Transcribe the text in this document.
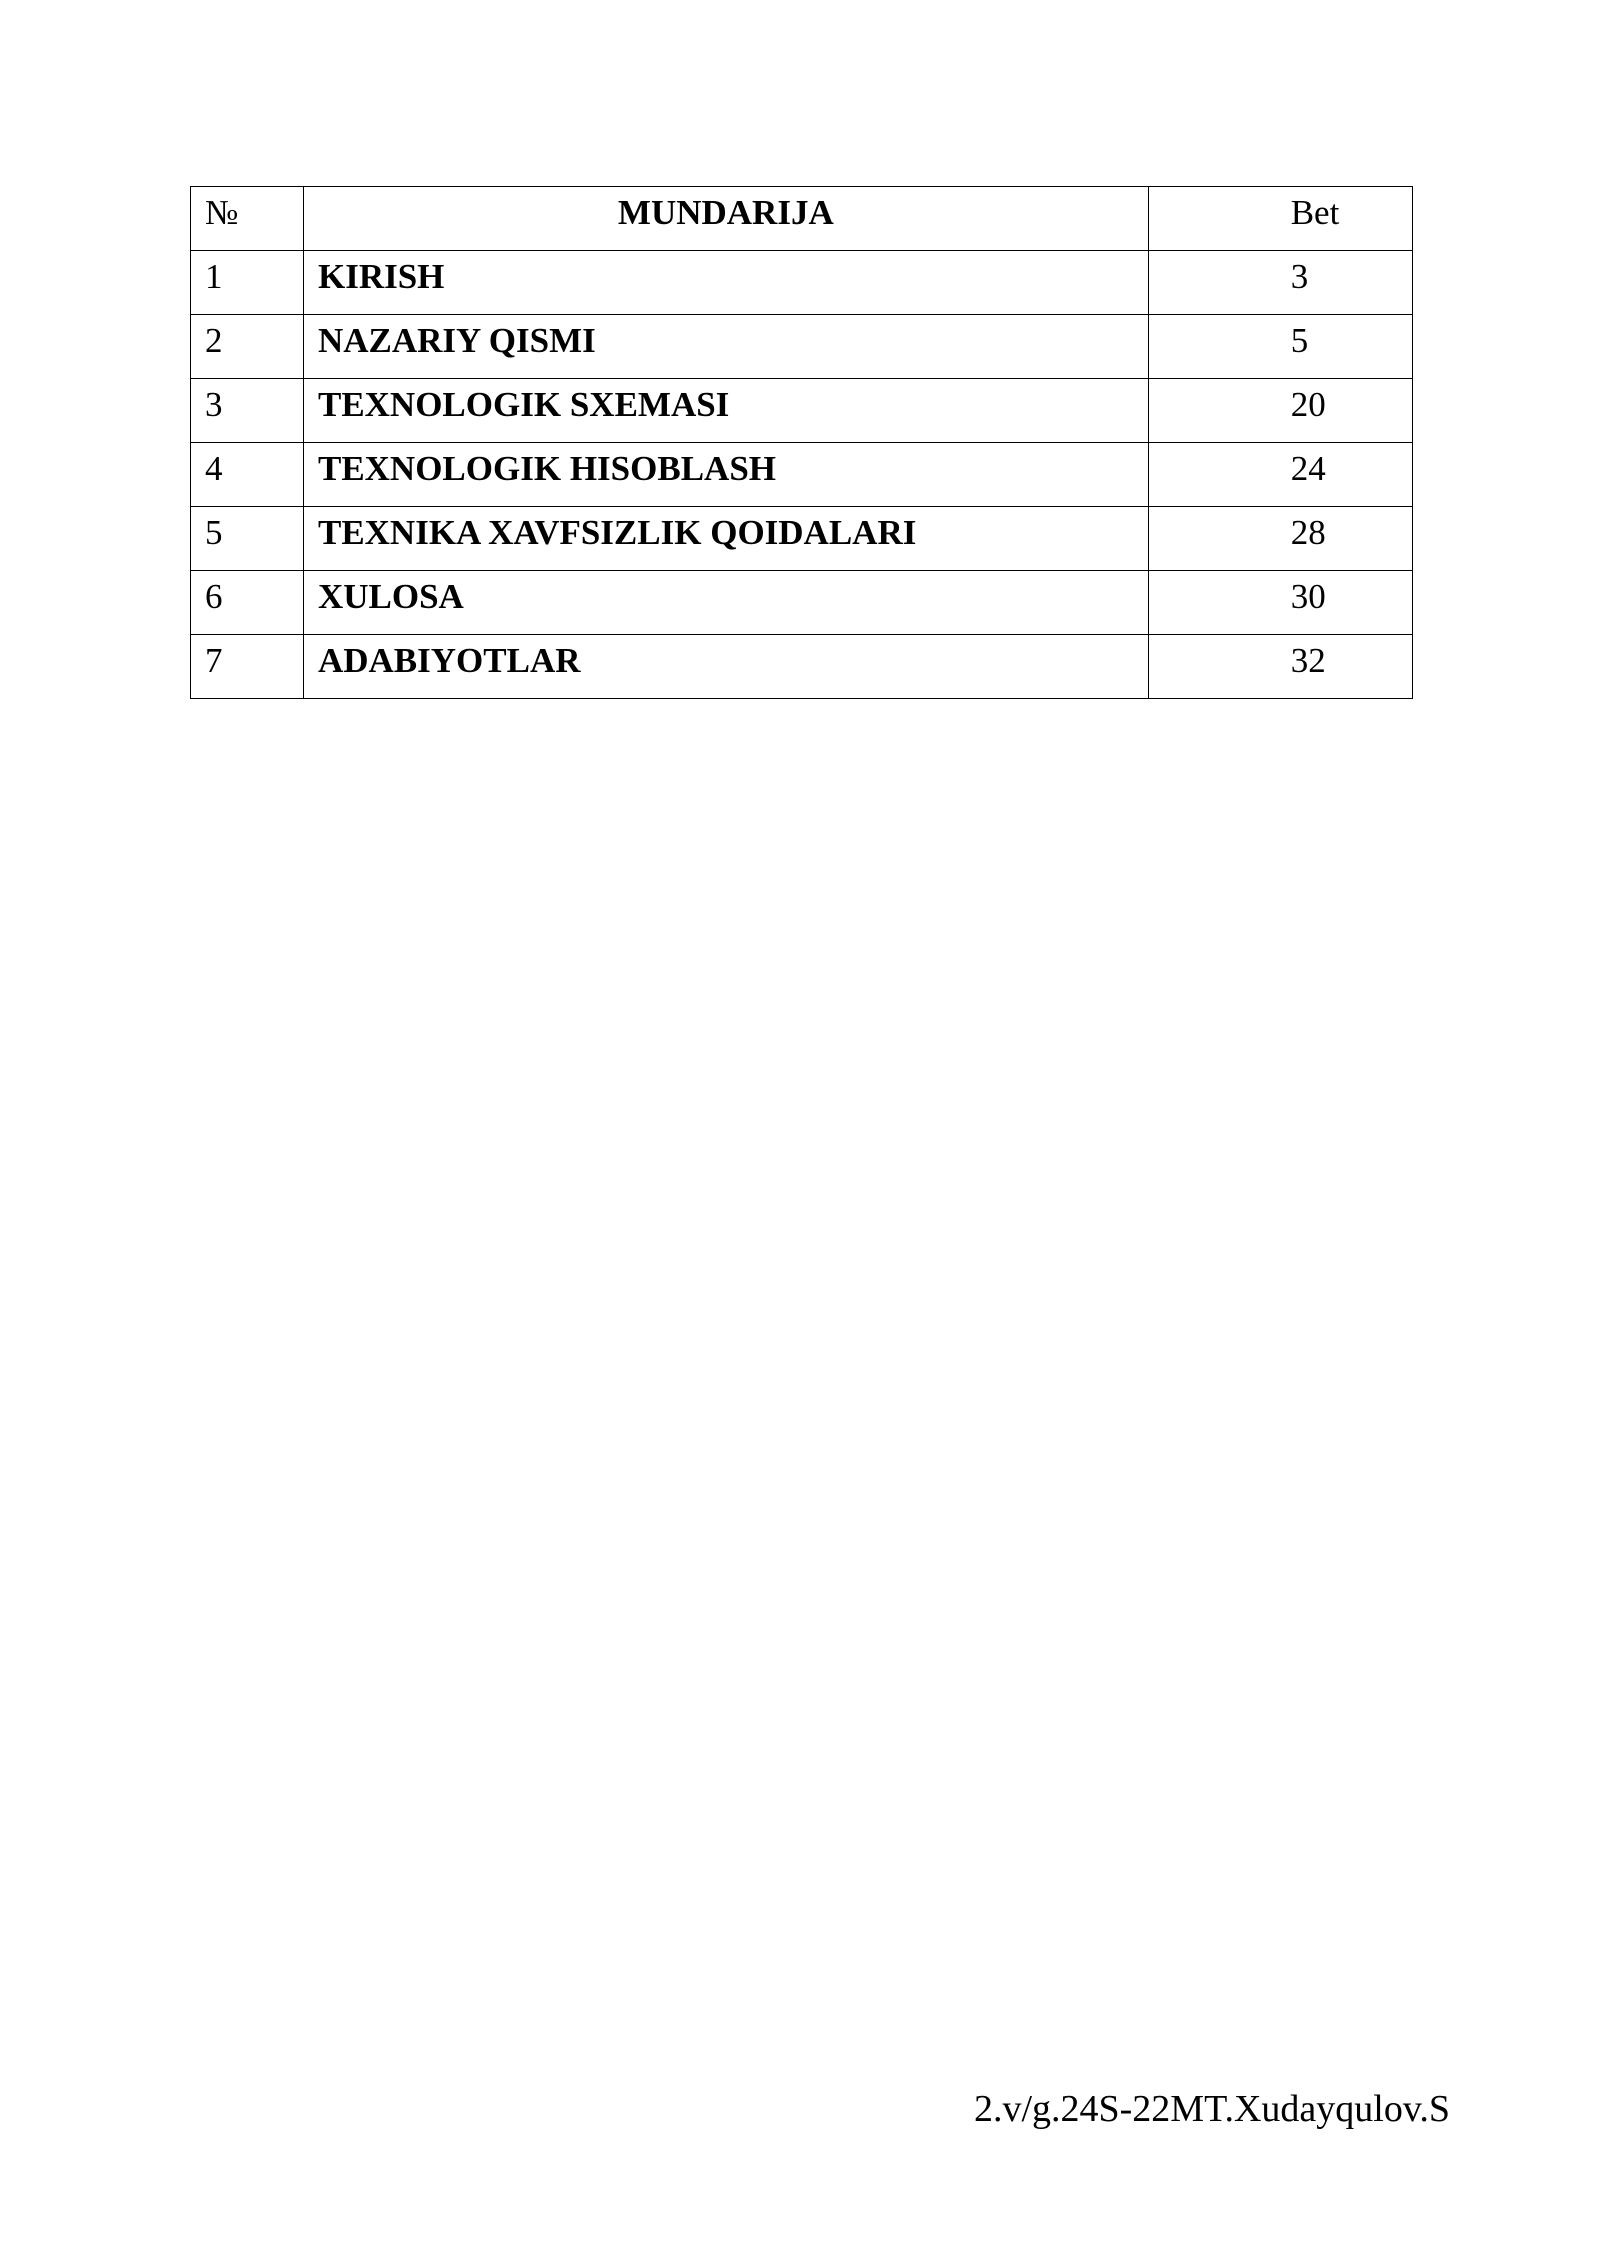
№	MUNDARIJA	Bet
1	KIRISH	3
2	NAZARIY QISMI	5
3	TEXNOLOGIK SXEMASI	20
4	TEXNOLOGIK HISOBLASH	24
5	TEXNIKA XAVFSIZLIK QOIDALARI	28
6	XULOSA	30
7	ADABIYOTLAR	32
2.v/g.24S-22MT.Xudayqulov.S
